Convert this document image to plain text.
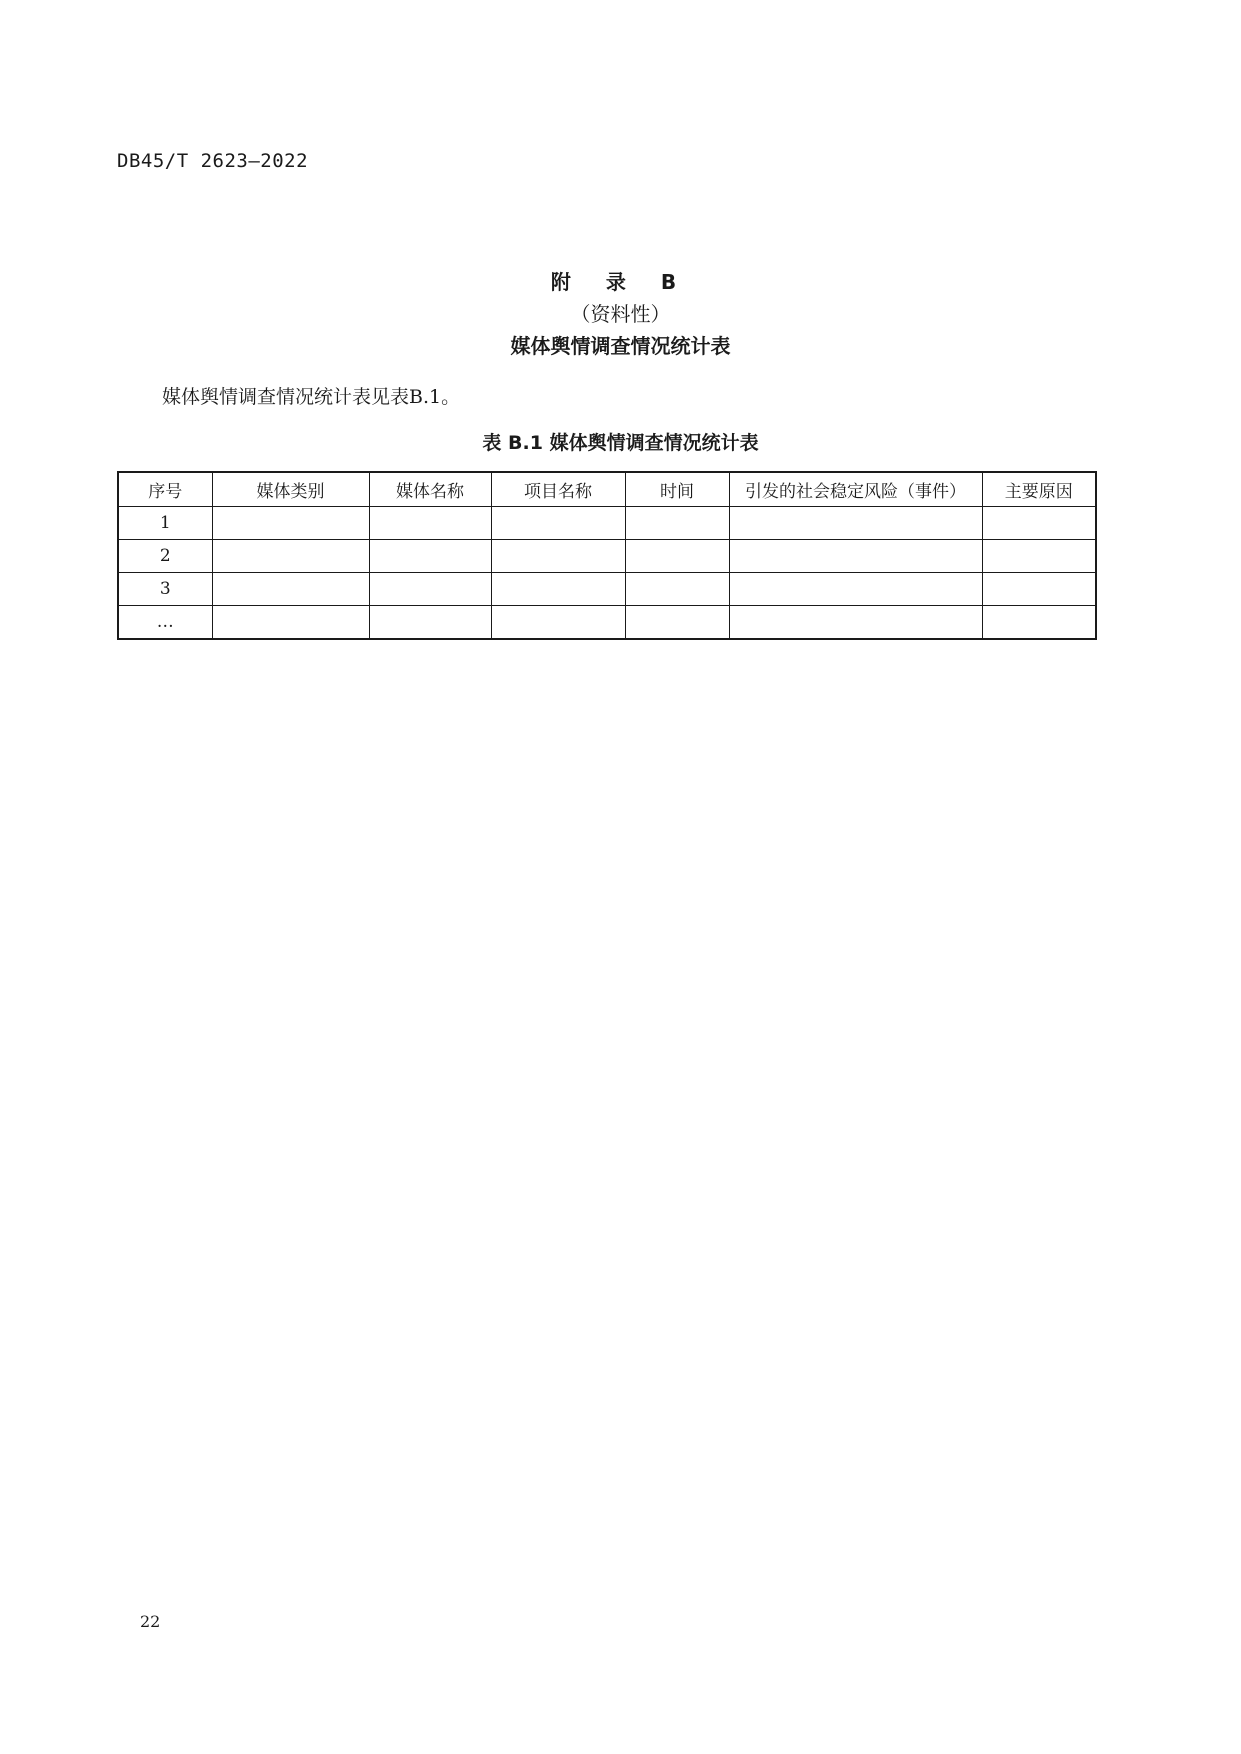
DB45/T 2623—2022
附 录 B
（资料性）
媒体舆情调查情况统计表
媒体舆情调查情况统计表见表B.1。
表 B.1 媒体舆情调查情况统计表
序号	媒体类别	媒体名称	项目名称	时间	引发的社会稳定风险（事件）	主要原因
1						
2						
3						
…						
22
